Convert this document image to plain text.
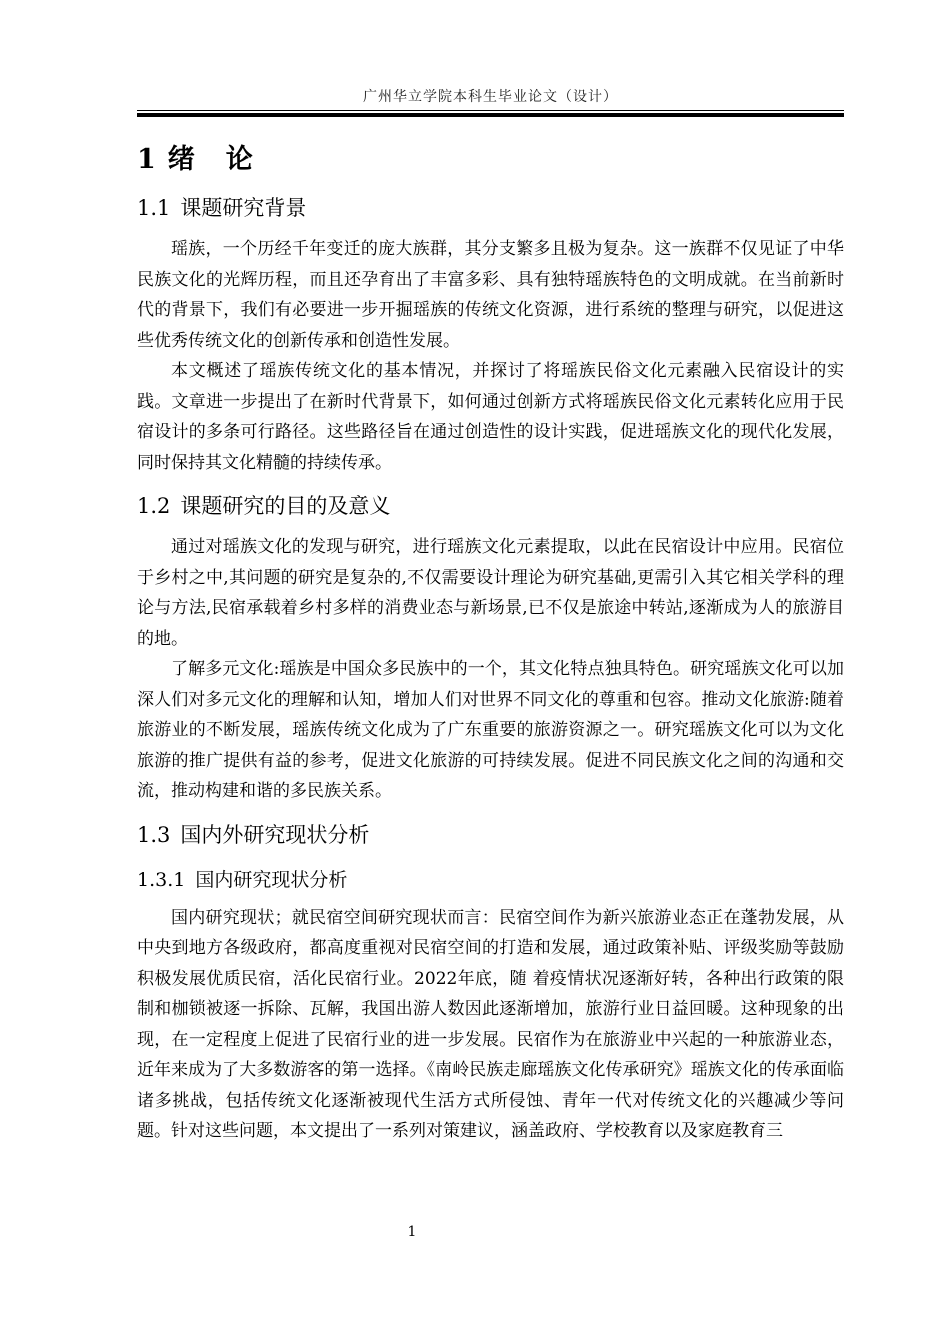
广州华立学院本科生毕业论文（设计）
1 绪　论
1.1 课题研究背景

瑶族，一个历经千年变迁的庞大族群，其分支繁多且极为复杂。这一族群不仅见证了中华民族文化的光辉历程，而且还孕育出了丰富多彩、具有独特瑶族特色的文明成就。在当前新时代的背景下，我们有必要进一步开掘瑶族的传统文化资源，进行系统的整理与研究，以促进这些优秀传统文化的创新传承和创造性发展。

本文概述了瑶族传统文化的基本情况，并探讨了将瑶族民俗文化元素融入民宿设计的实践。文章进一步提出了在新时代背景下，如何通过创新方式将瑶族民俗文化元素转化应用于民宿设计的多条可行路径。这些路径旨在通过创造性的设计实践，促进瑶族文化的现代化发展，同时保持其文化精髓的持续传承。

1.2 课题研究的目的及意义

通过对瑶族文化的发现与研究，进行瑶族文化元素提取，以此在民宿设计中应用。民宿位于乡村之中,其问题的研究是复杂的,不仅需要设计理论为研究基础,更需引入其它相关学科的理论与方法,民宿承载着乡村多样的消费业态与新场景,已不仅是旅途中转站,逐渐成为人的旅游目的地。

了解多元文化:瑶族是中国众多民族中的一个，其文化特点独具特色。研究瑶族文化可以加深人们对多元文化的理解和认知，增加人们对世界不同文化的尊重和包容。推动文化旅游:随着旅游业的不断发展，瑶族传统文化成为了广东重要的旅游资源之一。研究瑶族文化可以为文化旅游的推广提供有益的参考，促进文化旅游的可持续发展。促进不同民族文化之间的沟通和交流，推动构建和谐的多民族关系。

1.3 国内外研究现状分析
1.3.1 国内研究现状分析

国内研究现状；就民宿空间研究现状而言：民宿空间作为新兴旅游业态正在蓬勃发展，从中央到地方各级政府，都高度重视对民宿空间的打造和发展，通过政策补贴、评级奖励等鼓励积极发展优质民宿，活化民宿行业。2022年底，随 着疫情状况逐渐好转，各种出行政策的限制和枷锁被逐一拆除、瓦解，我国出游人数因此逐渐增加，旅游行业日益回暖。这种现象的出现，在一定程度上促进了民宿行业的进一步发展。民宿作为在旅游业中兴起的一种旅游业态，近年来成为了大多数游客的第一选择。《南岭民族走廊瑶族文化传承研究》瑶族文化的传承面临诸多挑战，包括传统文化逐渐被现代生活方式所侵蚀、青年一代对传统文化的兴趣减少等问题。针对这些问题，本文提出了一系列对策建议，涵盖政府、学校教育以及家庭教育三

1
